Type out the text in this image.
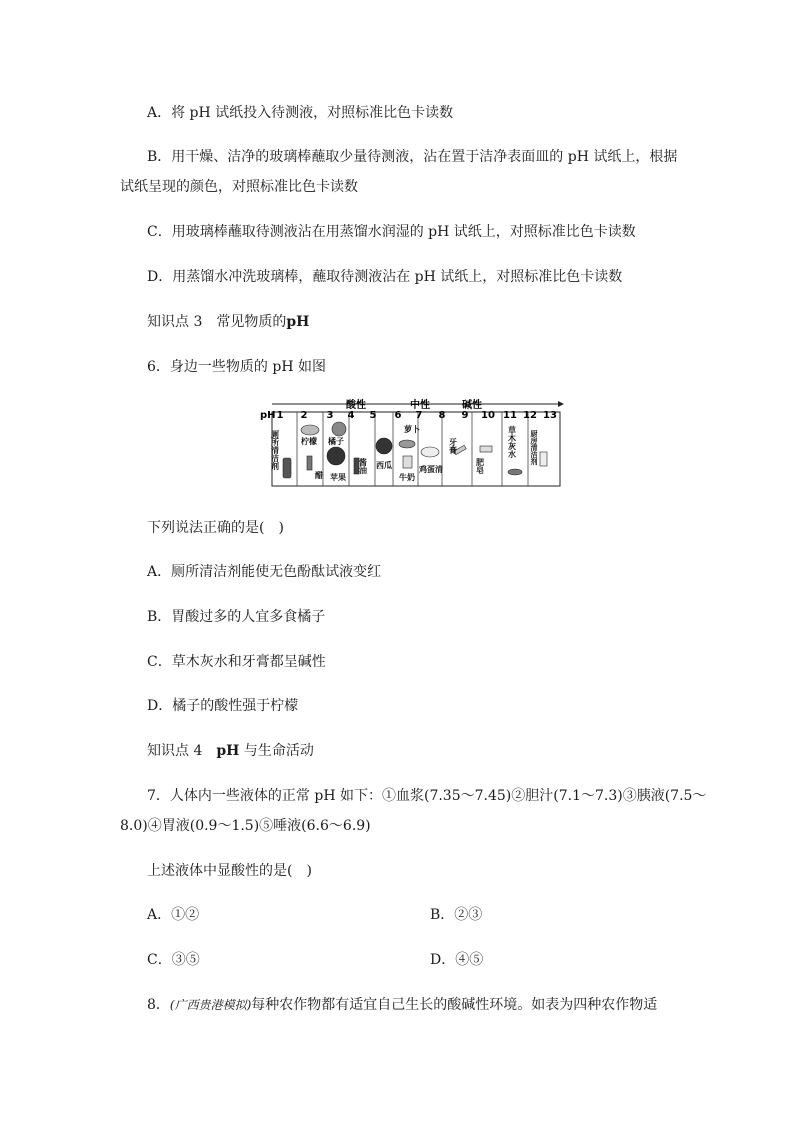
A．将 pH 试纸投入待测液，对照标准比色卡读数
B．用干燥、洁净的玻璃棒蘸取少量待测液，沾在置于洁净表面皿的 pH 试纸上，根据
试纸呈现的颜色，对照标准比色卡读数
C．用玻璃棒蘸取待测液沾在用蒸馏水润湿的 pH 试纸上，对照标准比色卡读数
D．用蒸馏水冲洗玻璃棒，蘸取待测液沾在 pH 试纸上，对照标准比色卡读数
知识点 3　常见物质的pH
6．身边一些物质的 pH 如图
pH 1 2 3 4 5 6 7 8 9 10 11 12 13
酸性	中性	碱性
厕所清洁剂	柠檬
醋
橘子
苹果
酱油 西瓜
萝卜
牛奶
鸡蛋清
牙膏
肥皂
草木灰水 厨房清洁剂
下列说法正确的是(　)
A．厕所清洁剂能使无色酚酞试液变红
B．胃酸过多的人宜多食橘子
C．草木灰水和牙膏都呈碱性
D．橘子的酸性强于柠檬
知识点 4　pH 与生命活动
7．人体内一些液体的正常 pH 如下：①血浆(7.35～7.45)②胆汁(7.1～7.3)③胰液(7.5～
8.0)④胃液(0.9～1.5)⑤唾液(6.6～6.9)
上述液体中显酸性的是(　)
A．①②	B．②③
C．③⑤	D．④⑤
8．(广西贵港模拟)每种农作物都有适宜自己生长的酸碱性环境。如表为四种农作物适
